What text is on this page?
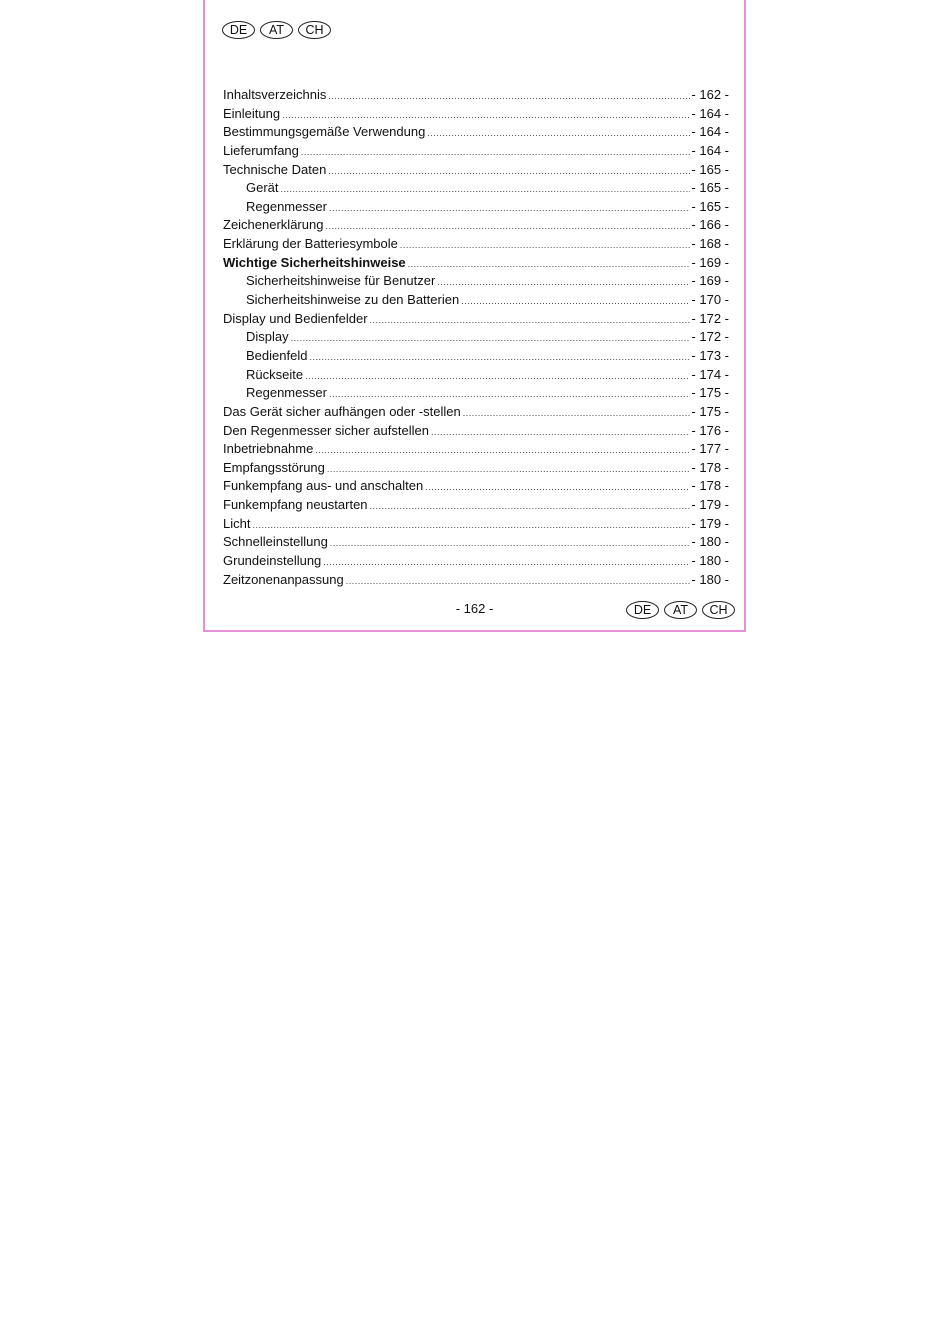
DE	AT	CH
Inhaltsverzeichnis .....	- 162 -
Einleitung .....	- 164 -
Bestimmungsgemäße Verwendung .....	- 164 -
Lieferumfang .....	- 164 -
Technische Daten .....	- 165 -
Gerät .....	- 165 -
Regenmesser .....	- 165 -
Zeichenerklärung .....	- 166 -
Erklärung der Batteriesymbole .....	- 168 -
Wichtige Sicherheitshinweise .....	- 169 -
Sicherheitshinweise für Benutzer .....	- 169 -
Sicherheitshinweise zu den Batterien .....	- 170 -
Display und Bedienfelder .....	- 172 -
Display .....	- 172 -
Bedienfeld .....	- 173 -
Rückseite .....	- 174 -
Regenmesser .....	- 175 -
Das Gerät sicher aufhängen oder -stellen .....	- 175 -
Den Regenmesser sicher aufstellen .....	- 176 -
Inbetriebnahme .....	- 177 -
Empfangsstörung .....	- 178 -
Funkempfang aus- und anschalten .....	- 178 -
Funkempfang neustarten .....	- 179 -
Licht .....	- 179 -
Schnelleinstellung .....	- 180 -
Grundeinstellung .....	- 180 -
Zeitzonenanpassung .....	- 180 -
- 162 -	DE	AT	CH
